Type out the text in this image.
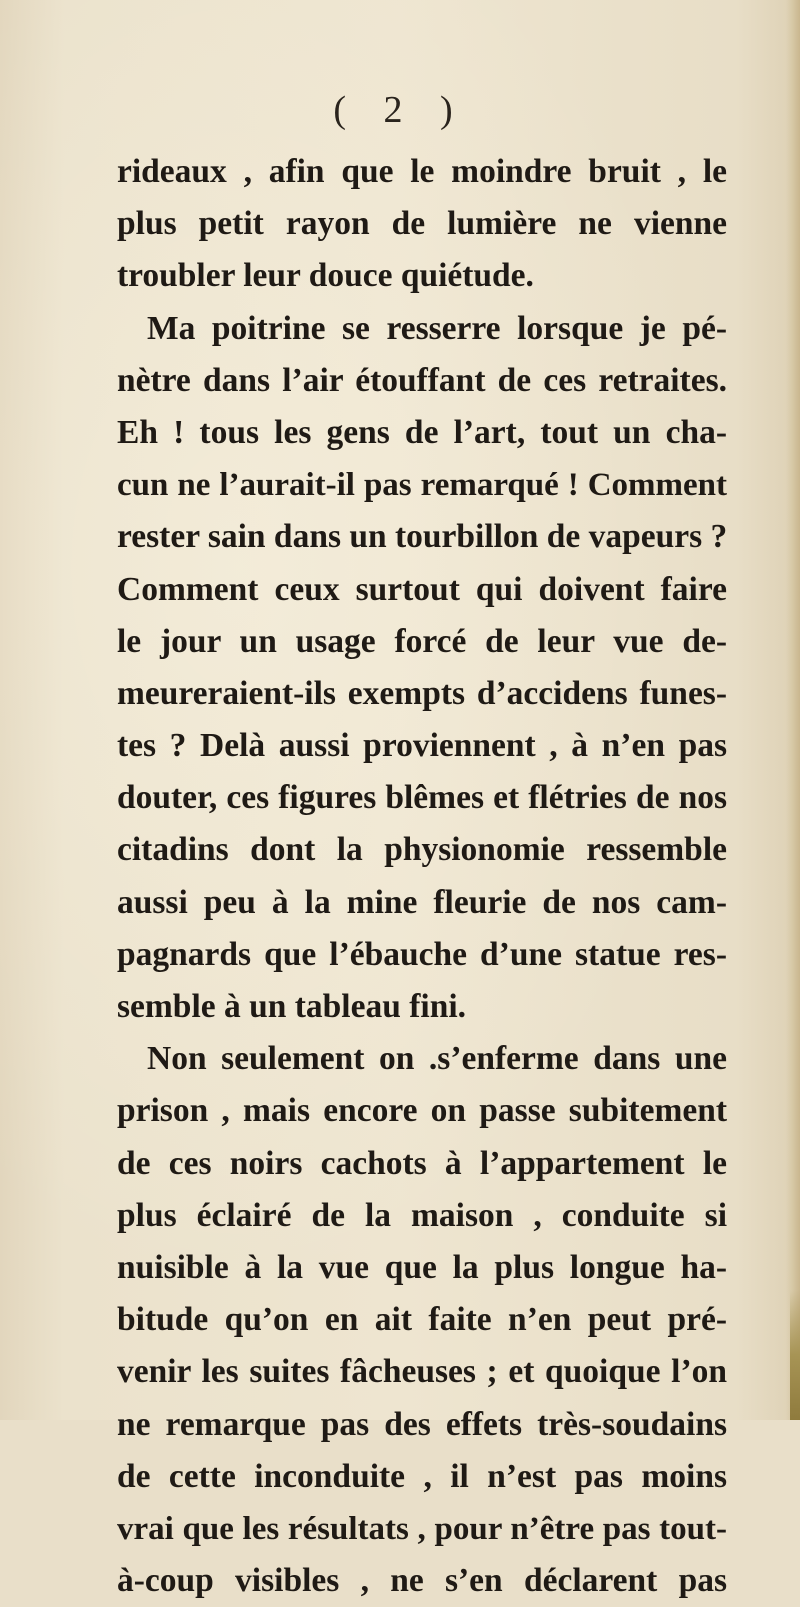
( 2 )
rideaux , afin que le moindre bruit , le
plus petit rayon de lumière ne vienne
troubler leur douce quiétude.
Ma poitrine se resserre lorsque je pé-
nètre dans l’air étouffant de ces retraites.
Eh ! tous les gens de l’art, tout un cha-
cun ne l’aurait-il pas remarqué ! Comment
rester sain dans un tourbillon de vapeurs ?
Comment ceux surtout qui doivent faire
le jour un usage forcé de leur vue de-
meureraient-ils exempts d’accidens funes-
tes ? Delà aussi proviennent , à n’en pas
douter, ces figures blêmes et flétries de nos
citadins dont la physionomie ressemble
aussi peu à la mine fleurie de nos cam-
pagnards que l’ébauche d’une statue res-
semble à un tableau fini.
Non seulement on .s’enferme dans une
prison , mais encore on passe subitement
de ces noirs cachots à l’appartement le
plus éclairé de la maison , conduite si
nuisible à la vue que la plus longue ha-
bitude qu’on en ait faite n’en peut pré-
venir les suites fâcheuses ; et quoique l’on
ne remarque pas des effets très-soudains
de cette inconduite , il n’est pas moins
vrai que les résultats , pour n’être pas tout-
à-coup visibles , ne s’en déclarent pas
